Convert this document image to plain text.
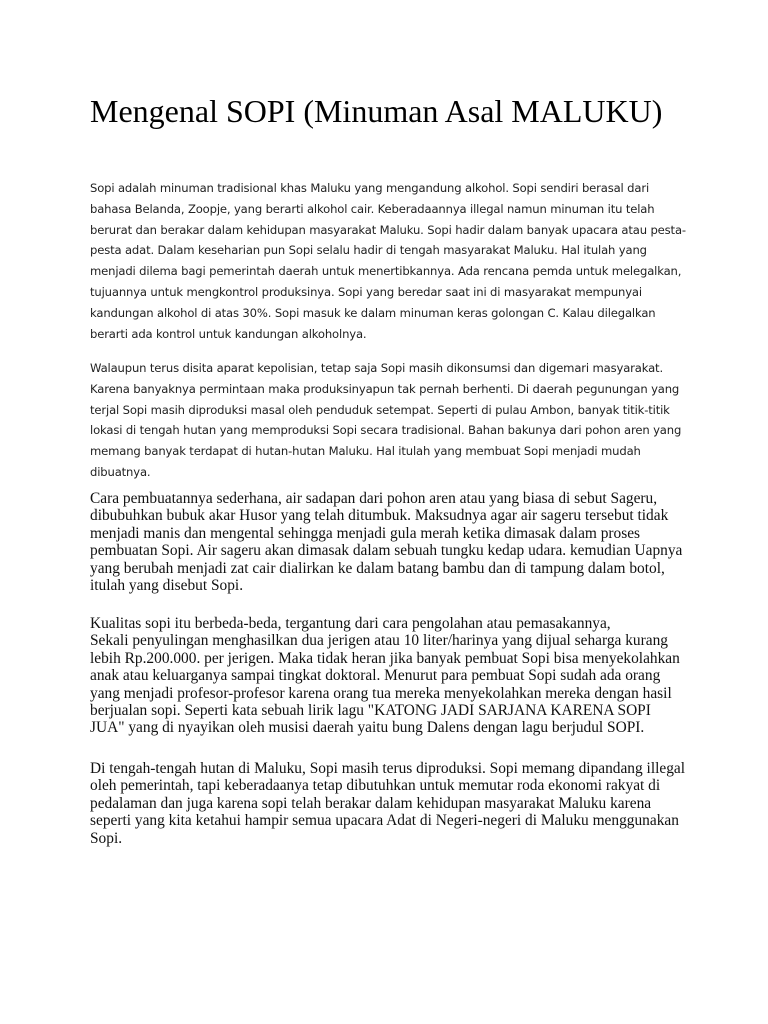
Mengenal SOPI (Minuman Asal MALUKU)

Sopi adalah minuman tradisional khas Maluku yang mengandung alkohol. Sopi sendiri berasal dari
bahasa Belanda, Zoopje, yang berarti alkohol cair. Keberadaannya illegal namun minuman itu telah
berurat dan berakar dalam kehidupan masyarakat Maluku. Sopi hadir dalam banyak upacara atau pesta-
pesta adat. Dalam keseharian pun Sopi selalu hadir di tengah masyarakat Maluku. Hal itulah yang
menjadi dilema bagi pemerintah daerah untuk menertibkannya. Ada rencana pemda untuk melegalkan,
tujuannya untuk mengkontrol produksinya. Sopi yang beredar saat ini di masyarakat mempunyai
kandungan alkohol di atas 30%. Sopi masuk ke dalam minuman keras golongan C. Kalau dilegalkan
berarti ada kontrol untuk kandungan alkoholnya.

Walaupun terus disita aparat kepolisian, tetap saja Sopi masih dikonsumsi dan digemari masyarakat.
Karena banyaknya permintaan maka produksinyapun tak pernah berhenti. Di daerah pegunungan yang
terjal Sopi masih diproduksi masal oleh penduduk setempat. Seperti di pulau Ambon, banyak titik-titik
lokasi di tengah hutan yang memproduksi Sopi secara tradisional. Bahan bakunya dari pohon aren yang
memang banyak terdapat di hutan-hutan Maluku. Hal itulah yang membuat Sopi menjadi mudah
dibuatnya.

Cara pembuatannya sederhana, air sadapan dari pohon aren atau yang biasa di sebut Sageru,
dibubuhkan bubuk akar Husor yang telah ditumbuk. Maksudnya agar air sageru tersebut tidak
menjadi manis dan mengental sehingga menjadi gula merah ketika dimasak dalam proses
pembuatan Sopi. Air sageru akan dimasak dalam sebuah tungku kedap udara. kemudian Uapnya
yang berubah menjadi zat cair dialirkan ke dalam batang bambu dan di tampung dalam botol,
itulah yang disebut Sopi.

Kualitas sopi itu berbeda-beda, tergantung dari cara pengolahan atau pemasakannya,
Sekali penyulingan menghasilkan dua jerigen atau 10 liter/harinya yang dijual seharga kurang
lebih Rp.200.000. per jerigen. Maka tidak heran jika banyak pembuat Sopi bisa menyekolahkan
anak atau keluarganya sampai tingkat doktoral. Menurut para pembuat Sopi sudah ada orang
yang menjadi profesor-profesor karena orang tua mereka menyekolahkan mereka dengan hasil
berjualan sopi. Seperti kata sebuah lirik lagu "KATONG JADI SARJANA KARENA SOPI
JUA" yang di nyayikan oleh musisi daerah yaitu bung Dalens dengan lagu berjudul SOPI.

Di tengah-tengah hutan di Maluku, Sopi masih terus diproduksi. Sopi memang dipandang illegal
oleh pemerintah, tapi keberadaanya tetap dibutuhkan untuk memutar roda ekonomi rakyat di
pedalaman dan juga karena sopi telah berakar dalam kehidupan masyarakat Maluku karena
seperti yang kita ketahui hampir semua upacara Adat di Negeri-negeri di Maluku menggunakan
Sopi.
